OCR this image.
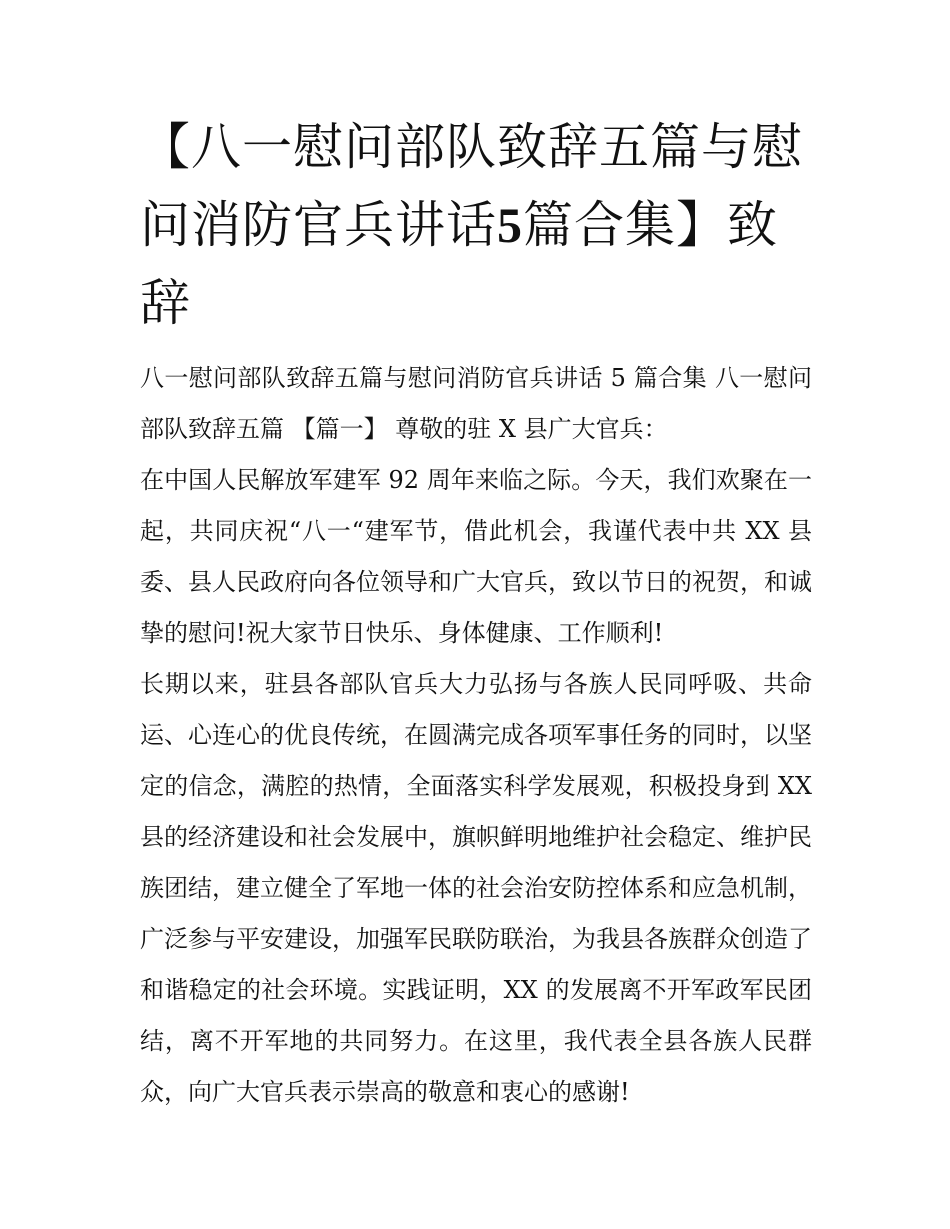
【八一慰问部队致辞五篇与慰问消防官兵讲话5篇合集】致辞

八一慰问部队致辞五篇与慰问消防官兵讲话 5 篇合集 八一慰问部队致辞五篇 【篇一】 尊敬的驻 X 县广大官兵：

在中国人民解放军建军 92 周年来临之际。今天，我们欢聚在一起，共同庆祝“八一“建军节，借此机会，我谨代表中共 XX 县委、县人民政府向各位领导和广大官兵，致以节日的祝贺，和诚挚的慰问!祝大家节日快乐、身体健康、工作顺利!

长期以来，驻县各部队官兵大力弘扬与各族人民同呼吸、共命运、心连心的优良传统，在圆满完成各项军事任务的同时，以坚定的信念，满腔的热情，全面落实科学发展观，积极投身到 XX 县的经济建设和社会发展中，旗帜鲜明地维护社会稳定、维护民族团结，建立健全了军地一体的社会治安防控体系和应急机制，广泛参与平安建设，加强军民联防联治，为我县各族群众创造了和谐稳定的社会环境。实践证明，XX 的发展离不开军政军民团结，离不开军地的共同努力。在这里，我代表全县各族人民群众，向广大官兵表示崇高的敬意和衷心的感谢!
